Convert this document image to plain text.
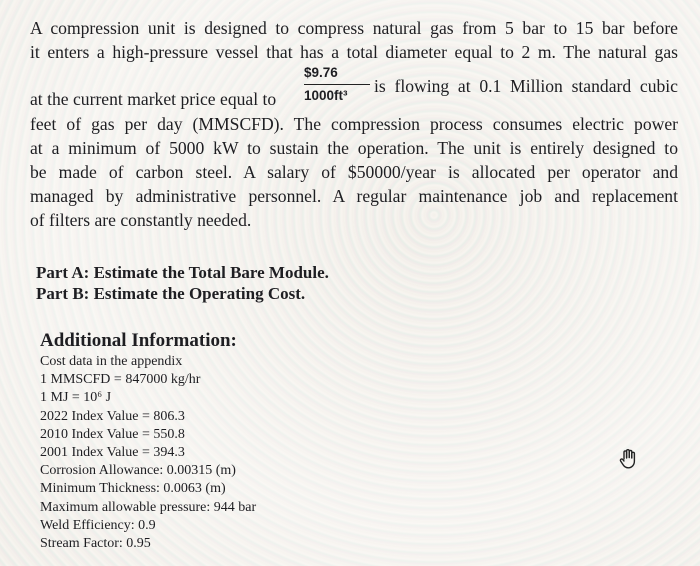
A compression unit is designed to compress natural gas from 5 bar to 15 bar before
it enters a high-pressure vessel that has a total diameter equal to 2 m. The natural gas
at the current market price equal to $\frac{\$9.76}{\text{1000ft³}}$ is flowing at 0.1 Million standard cubic
feet of gas per day (MMSCFD). The compression process consumes electric power
at a minimum of 5000 kW to sustain the operation. The unit is entirely designed to
be made of carbon steel. A salary of $50000/year is allocated per operator and
managed by administrative personnel. A regular maintenance job and replacement
of filters are constantly needed.
Part A: Estimate the Total Bare Module.
Part B: Estimate the Operating Cost.
Additional Information:
Cost data in the appendix
1 MMSCFD = 847000 kg/hr
1 MJ = 10⁶ J
2022 Index Value = 806.3
2010 Index Value = 550.8
2001 Index Value = 394.3
Corrosion Allowance: 0.00315 (m)
Minimum Thickness: 0.0063 (m)
Maximum allowable pressure: 944 bar
Weld Efficiency: 0.9
Stream Factor: 0.95
